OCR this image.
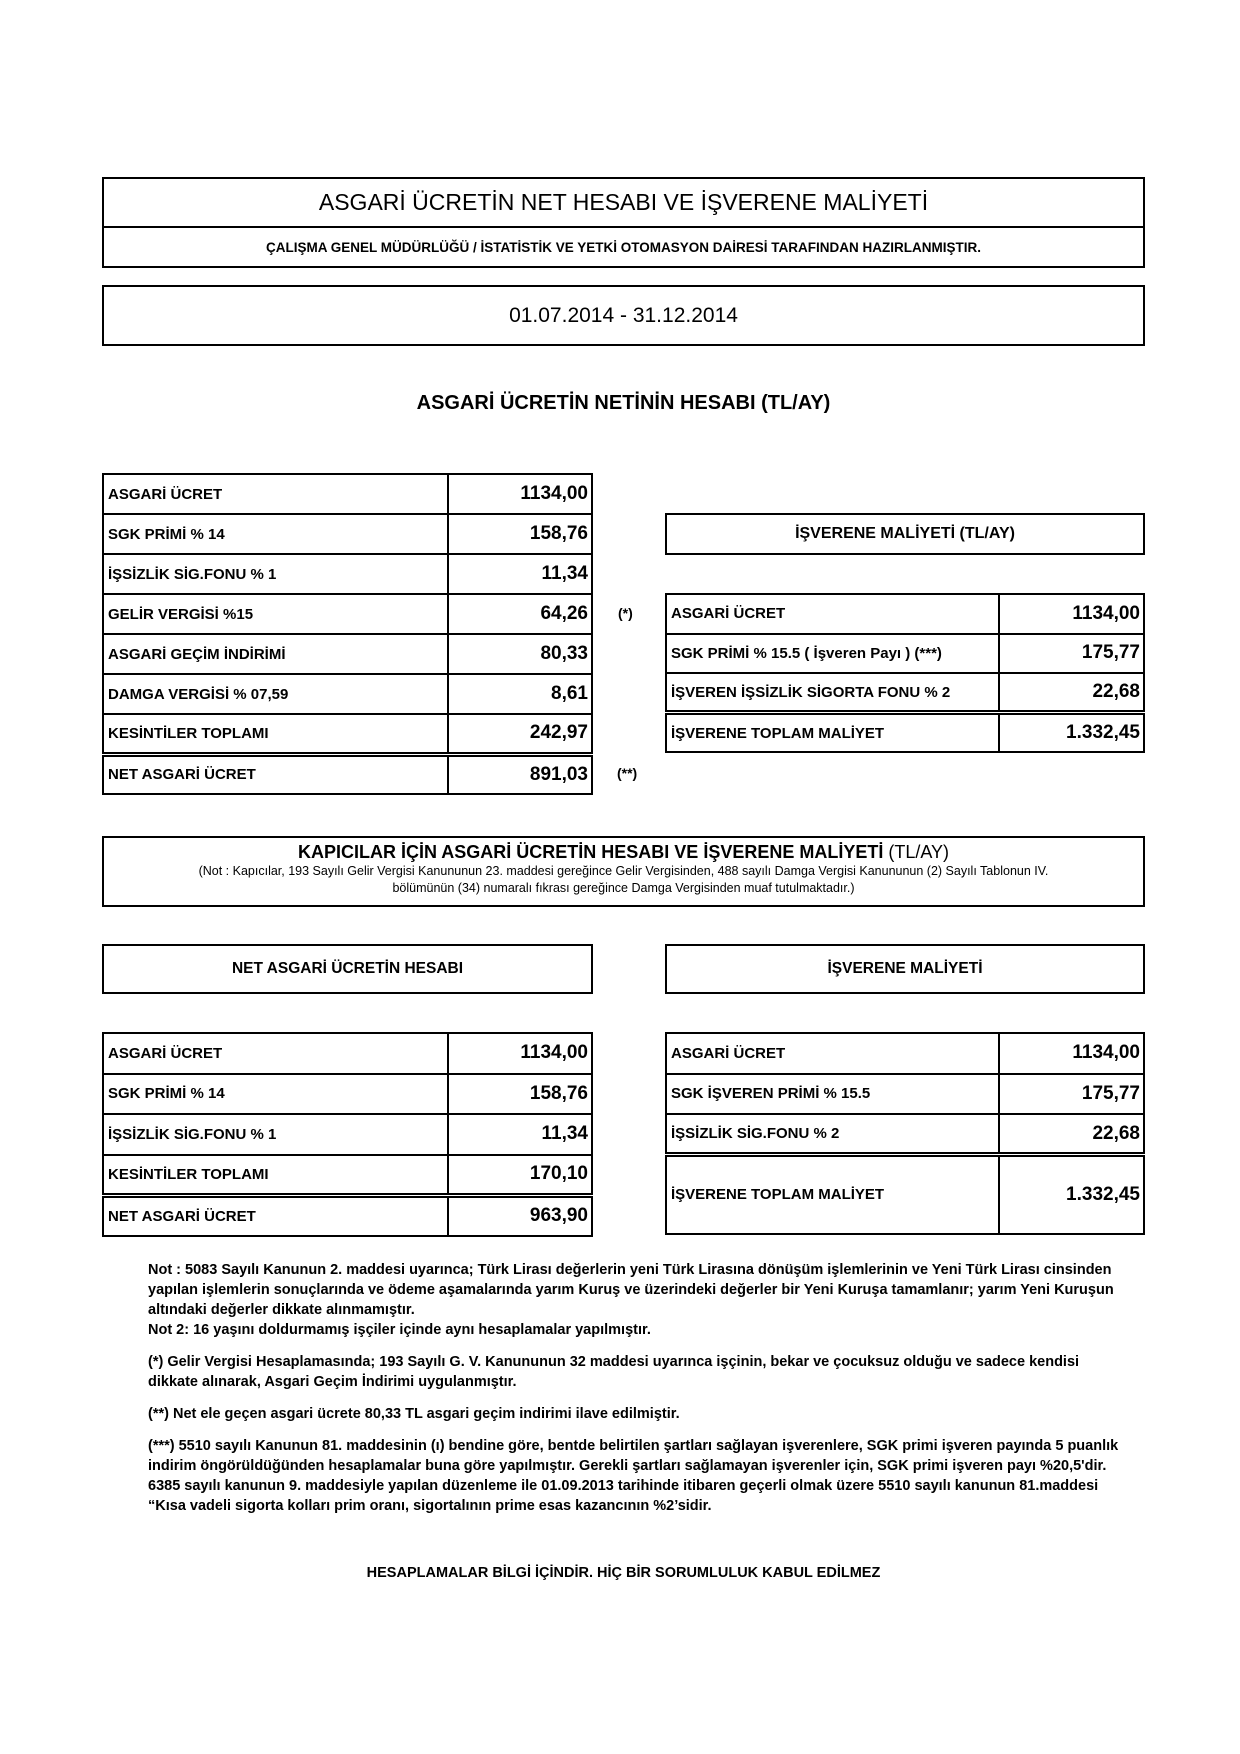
ASGARİ ÜCRETİN NET HESABI VE İŞVERENE MALİYETİ
ÇALIŞMA GENEL MÜDÜRLÜĞÜ / İSTATİSTİK VE YETKİ OTOMASYON DAİRESİ TARAFINDAN HAZIRLANMIŞTIR.
01.07.2014 - 31.12.2014
ASGARİ ÜCRETİN NETİNİN HESABI (TL/AY)
ASGARİ ÜCRET	1134,00
SGK PRİMİ % 14	158,76
İŞSİZLİK SİG.FONU % 1	11,34
GELİR VERGİSİ %15	64,26
ASGARİ GEÇİM İNDİRİMİ	80,33
DAMGA VERGİSİ % 07,59	8,61
KESİNTİLER TOPLAMI	242,97
NET ASGARİ ÜCRET	891,03
(*)
(**)
İŞVERENE MALİYETİ (TL/AY)
ASGARİ ÜCRET	1134,00
SGK PRİMİ % 15.5 ( İşveren Payı ) (***)	175,77
İŞVEREN İŞSİZLİK SİGORTA FONU % 2	22,68
İŞVERENE TOPLAM MALİYET	1.332,45
KAPICILAR İÇİN ASGARİ ÜCRETİN HESABI VE İŞVERENE MALİYETİ (TL/AY)
(Not : Kapıcılar, 193 Sayılı Gelir Vergisi Kanununun 23. maddesi gereğince Gelir Vergisinden, 488 sayılı Damga Vergisi Kanununun (2) Sayılı Tablonun IV.
bölümünün (34) numaralı fıkrası gereğince Damga Vergisinden muaf tutulmaktadır.)
NET ASGARİ ÜCRETİN HESABI	İŞVERENE MALİYETİ
ASGARİ ÜCRET	1134,00
SGK PRİMİ % 14	158,76
İŞSİZLİK SİG.FONU % 1	11,34
KESİNTİLER TOPLAMI	170,10
NET ASGARİ ÜCRET	963,90
ASGARİ ÜCRET	1134,00
SGK İŞVEREN PRİMİ % 15.5	175,77
İŞSİZLİK SİG.FONU % 2	22,68
İŞVERENE TOPLAM MALİYET	1.332,45

Not : 5083 Sayılı Kanunun 2. maddesi uyarınca; Türk Lirası değerlerin yeni Türk Lirasına dönüşüm işlemlerinin ve Yeni Türk Lirası cinsinden yapılan işlemlerin sonuçlarında ve ödeme aşamalarında yarım Kuruş ve üzerindeki değerler bir Yeni Kuruşa tamamlanır; yarım Yeni Kuruşun altındaki değerler dikkate alınmamıştır.

Not 2: 16 yaşını doldurmamış işçiler içinde aynı hesaplamalar yapılmıştır.

(*) Gelir Vergisi Hesaplamasında; 193 Sayılı G. V. Kanununun 32 maddesi uyarınca işçinin, bekar ve çocuksuz olduğu ve sadece kendisi dikkate alınarak, Asgari Geçim İndirimi uygulanmıştır.

(**) Net ele geçen asgari ücrete 80,33 TL asgari geçim indirimi ilave edilmiştir.

(***) 5510 sayılı Kanunun 81. maddesinin (ı) bendine göre, bentde belirtilen şartları sağlayan işverenlere, SGK primi işveren payında 5 puanlık indirim öngörüldüğünden hesaplamalar buna göre yapılmıştır. Gerekli şartları sağlamayan işverenler için, SGK primi işveren payı %20,5'dir. 6385 sayılı kanunun 9. maddesiyle yapılan düzenleme ile 01.09.2013 tarihinde itibaren geçerli olmak üzere 5510 sayılı kanunun 81.maddesi “Kısa vadeli sigorta kolları prim oranı, sigortalının prime esas kazancının %2’sidir.

HESAPLAMALAR BİLGİ İÇİNDİR. HİÇ BİR SORUMLULUK KABUL EDİLMEZ
